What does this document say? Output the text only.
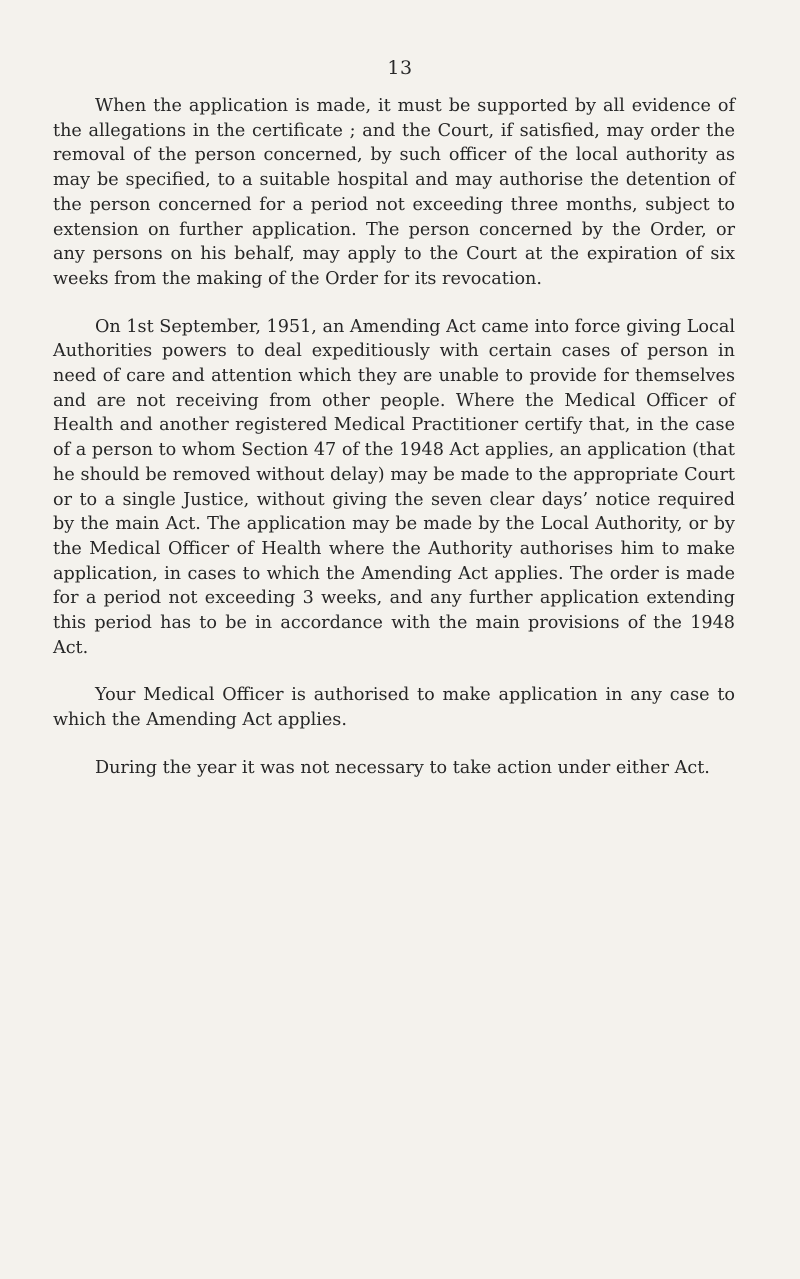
13

When the application is made, it must be supported by all evidence of the allegations in the certificate ; and the Court, if satisfied, may order the removal of the person concerned, by such officer of the local authority as may be specified, to a suitable hospital and may authorise the detention of the person concerned for a period not exceeding three months, subject to extension on further application. The person concerned by the Order, or any persons on his behalf, may apply to the Court at the expiration of six weeks from the making of the Order for its revocation.

On 1st September, 1951, an Amending Act came into force giving Local Authorities powers to deal expeditiously with certain cases of person in need of care and attention which they are unable to provide for themselves and are not receiving from other people. Where the Medical Officer of Health and another registered Medical Practitioner certify that, in the case of a person to whom Section 47 of the 1948 Act applies, an application (that he should be removed without delay) may be made to the appropriate Court or to a single Justice, without giving the seven clear days’ notice required by the main Act. The application may be made by the Local Authority, or by the Medical Officer of Health where the Authority authorises him to make application, in cases to which the Amending Act applies. The order is made for a period not exceeding 3 weeks, and any further application extending this period has to be in accordance with the main provisions of the 1948 Act.

Your Medical Officer is authorised to make application in any case to which the Amending Act applies.

During the year it was not necessary to take action under either Act.
